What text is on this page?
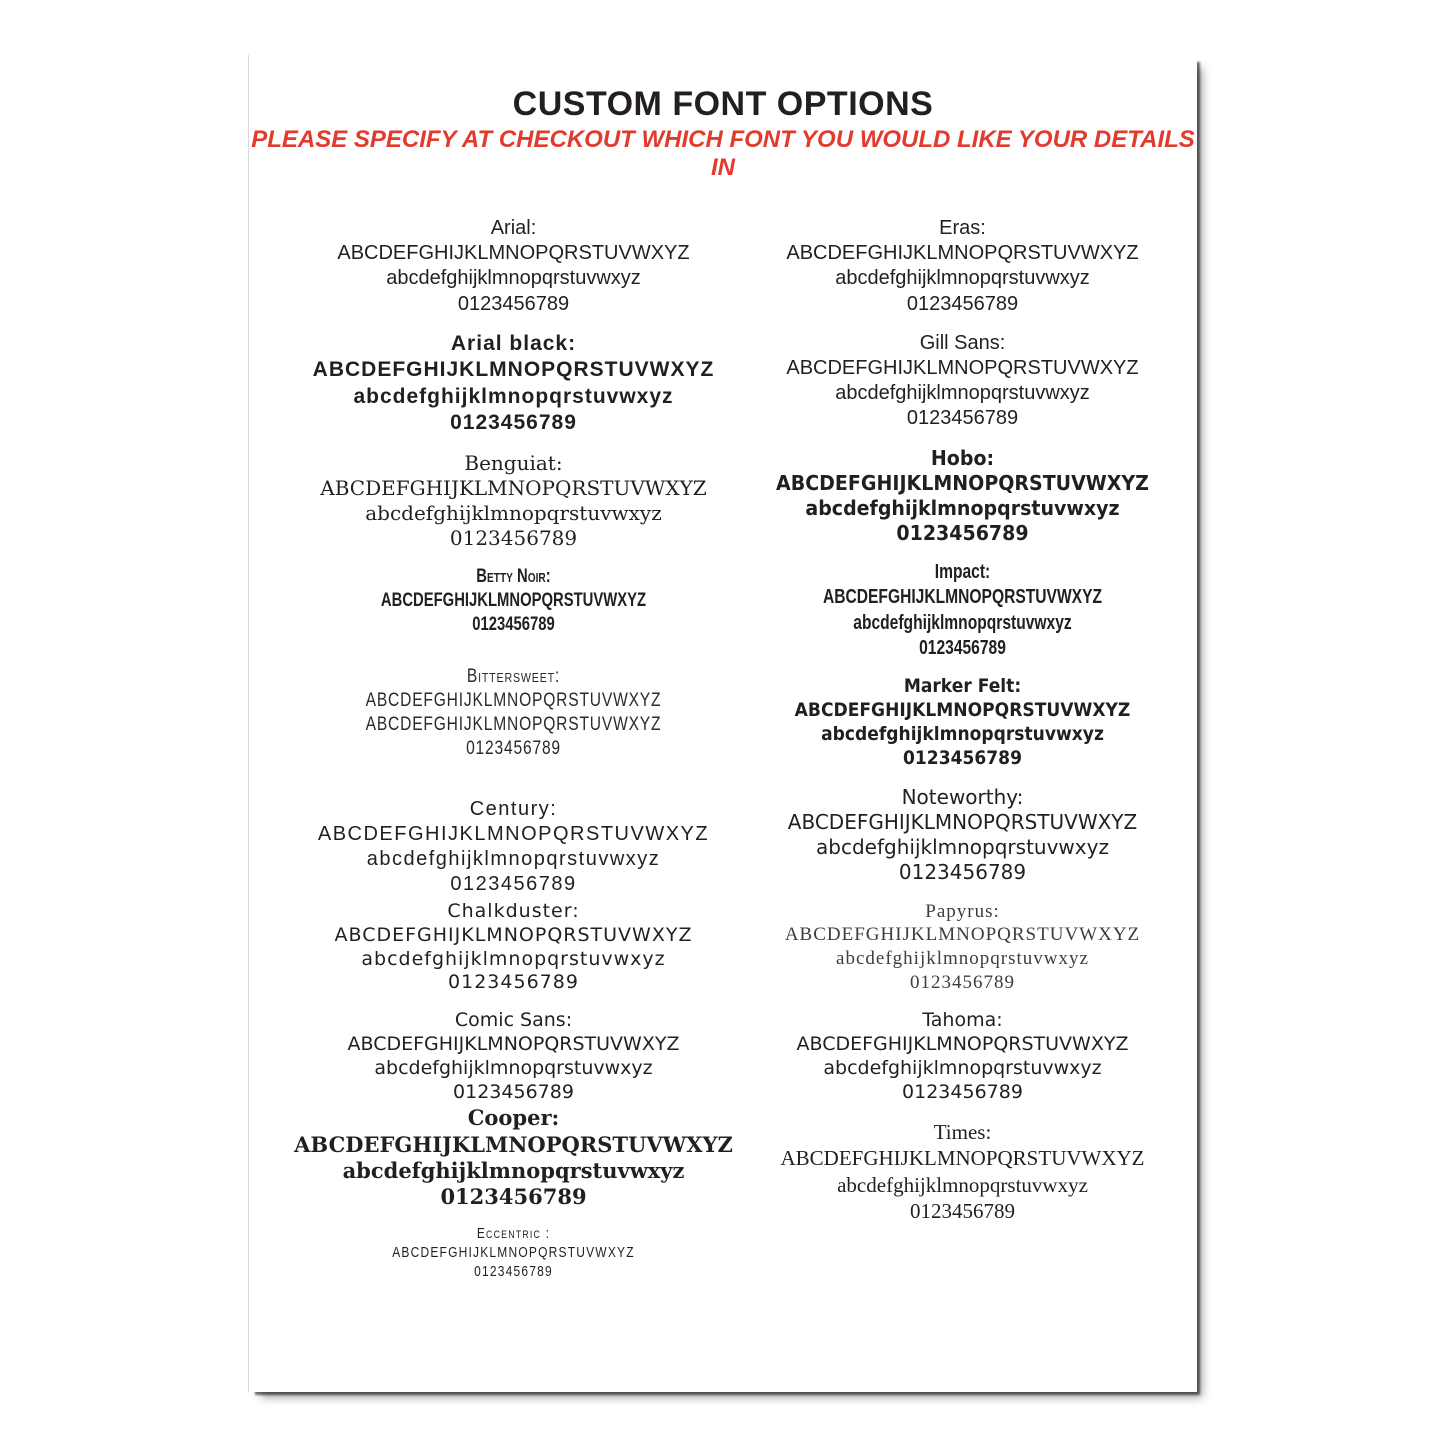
CUSTOM FONT OPTIONS
PLEASE SPECIFY AT CHECKOUT WHICH FONT YOU WOULD LIKE YOUR DETAILS IN
Arial:
ABCDEFGHIJKLMNOPQRSTUVWXYZ
abcdefghijklmnopqrstuvwxyz
0123456789
Arial black:
ABCDEFGHIJKLMNOPQRSTUVWXYZ
abcdefghijklmnopqrstuvwxyz
0123456789
Benguiat:
ABCDEFGHIJKLMNOPQRSTUVWXYZ
abcdefghijklmnopqrstuvwxyz
0123456789
Betty Noir:
ABCDEFGHIJKLMNOPQRSTUVWXYZ
0123456789
Bittersweet:
ABCDEFGHIJKLMNOPQRSTUVWXYZ
ABCDEFGHIJKLMNOPQRSTUVWXYZ
0123456789
Century:
ABCDEFGHIJKLMNOPQRSTUVWXYZ
abcdefghijklmnopqrstuvwxyz
0123456789
Chalkduster:
ABCDEFGHIJKLMNOPQRSTUVWXYZ
abcdefghijklmnopqrstuvwxyz
0123456789
Comic Sans:
ABCDEFGHIJKLMNOPQRSTUVWXYZ
abcdefghijklmnopqrstuvwxyz
0123456789
Cooper:
ABCDEFGHIJKLMNOPQRSTUVWXYZ
abcdefghijklmnopqrstuvwxyz
0123456789
Eccentric :
ABCDEFGHIJKLMNOPQRSTUVWXYZ
0123456789
Eras:
ABCDEFGHIJKLMNOPQRSTUVWXYZ
abcdefghijklmnopqrstuvwxyz
0123456789
Gill Sans:
ABCDEFGHIJKLMNOPQRSTUVWXYZ
abcdefghijklmnopqrstuvwxyz
0123456789
Hobo:
ABCDEFGHIJKLMNOPQRSTUVWXYZ
abcdefghijklmnopqrstuvwxyz
0123456789
Impact:
ABCDEFGHIJKLMNOPQRSTUVWXYZ
abcdefghijklmnopqrstuvwxyz
0123456789
Marker Felt:
ABCDEFGHIJKLMNOPQRSTUVWXYZ
abcdefghijklmnopqrstuvwxyz
0123456789
Noteworthy:
ABCDEFGHIJKLMNOPQRSTUVWXYZ
abcdefghijklmnopqrstuvwxyz
0123456789
Papyrus:
ABCDEFGHIJKLMNOPQRSTUVWXYZ
abcdefghijklmnopqrstuvwxyz
0123456789
Tahoma:
ABCDEFGHIJKLMNOPQRSTUVWXYZ
abcdefghijklmnopqrstuvwxyz
0123456789
Times:
ABCDEFGHIJKLMNOPQRSTUVWXYZ
abcdefghijklmnopqrstuvwxyz
0123456789
